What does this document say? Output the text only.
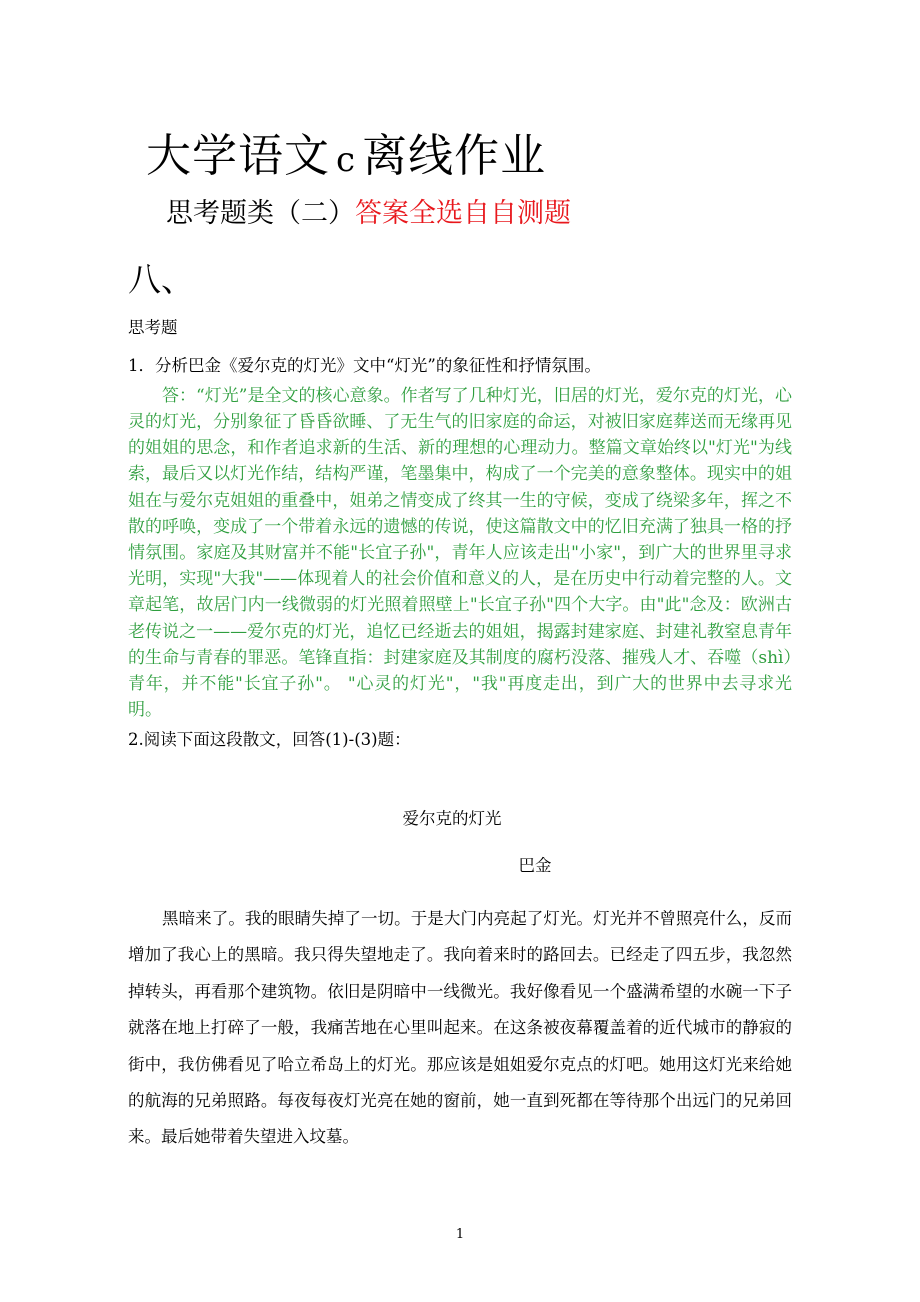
大学语文 c 离线作业

思考题类（二）答案全选自自测题

八、

思考题

1．分析巴金《爱尔克的灯光》文中“灯光”的象征性和抒情氛围。

答：“灯光”是全文的核心意象。作者写了几种灯光，旧居的灯光，爱尔克的灯光，心灵的灯光，分别象征了昏昏欲睡、了无生气的旧家庭的命运，对被旧家庭葬送而无缘再见的姐姐的思念，和作者追求新的生活、新的理想的心理动力。整篇文章始终以"灯光"为线索，最后又以灯光作结，结构严谨，笔墨集中，构成了一个完美的意象整体。现实中的姐姐在与爱尔克姐姐的重叠中，姐弟之情变成了终其一生的守候，变成了绕梁多年，挥之不散的呼唤，变成了一个带着永远的遗憾的传说，使这篇散文中的忆旧充满了独具一格的抒情氛围。家庭及其财富并不能"长宜子孙"，青年人应该走出"小家"，到广大的世界里寻求光明，实现"大我"——体现着人的社会价值和意义的人，是在历史中行动着完整的人。文章起笔，故居门内一线微弱的灯光照着照壁上"长宜子孙"四个大字。由"此"念及：欧洲古老传说之一——爱尔克的灯光，追忆已经逝去的姐姐，揭露封建家庭、封建礼教窒息青年的生命与青春的罪恶。笔锋直指：封建家庭及其制度的腐朽没落、摧残人才、吞噬（shì）青年，并不能"长宜子孙"。 "心灵的灯光"，"我"再度走出，到广大的世界中去寻求光明。

2.阅读下面这段散文，回答(1)-(3)题：

爱尔克的灯光

巴金

黑暗来了。我的眼睛失掉了一切。于是大门内亮起了灯光。灯光并不曾照亮什么，反而增加了我心上的黑暗。我只得失望地走了。我向着来时的路回去。已经走了四五步，我忽然掉转头，再看那个建筑物。依旧是阴暗中一线微光。我好像看见一个盛满希望的水碗一下子就落在地上打碎了一般，我痛苦地在心里叫起来。在这条被夜幕覆盖着的近代城市的静寂的街中，我仿佛看见了哈立希岛上的灯光。那应该是姐姐爱尔克点的灯吧。她用这灯光来给她的航海的兄弟照路。每夜每夜灯光亮在她的窗前，她一直到死都在等待那个出远门的兄弟回来。最后她带着失望进入坟墓。

1
